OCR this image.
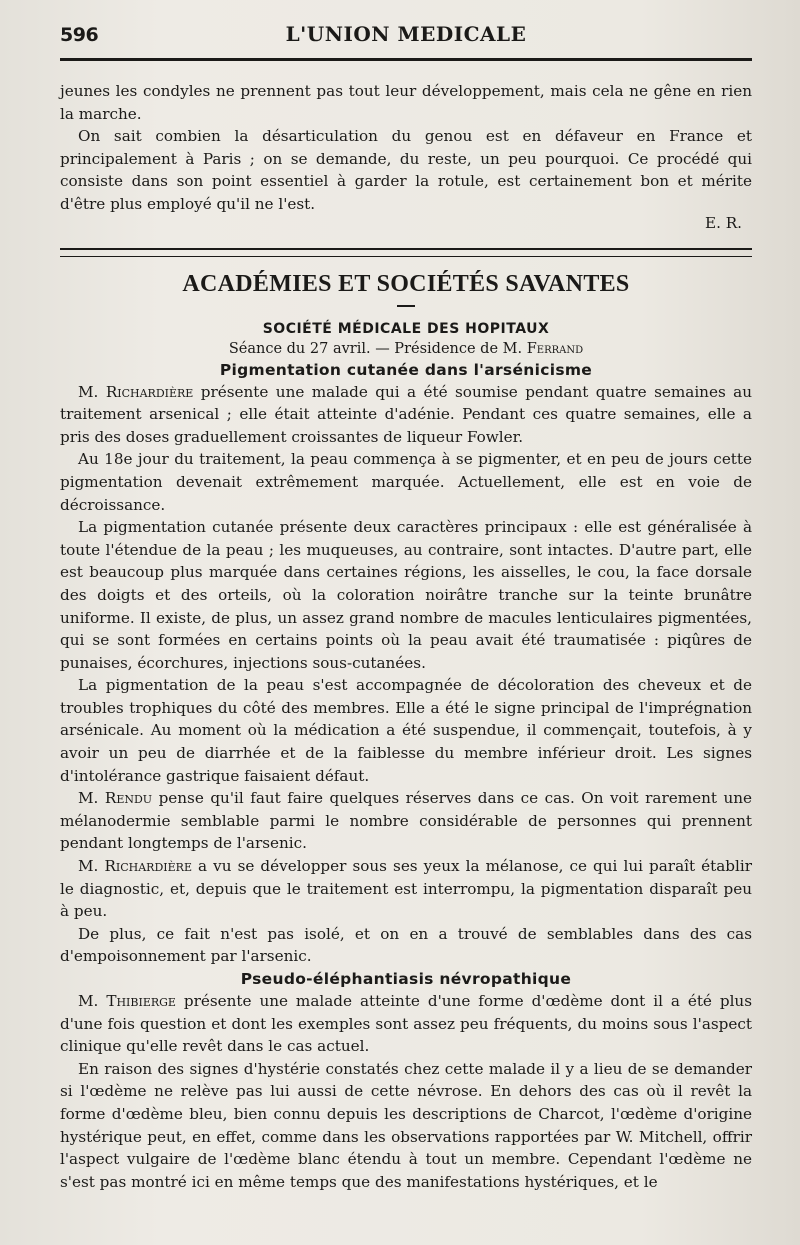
596	L'UNION MEDICALE

jeunes les condyles ne prennent pas tout leur développement, mais cela ne gêne en rien la marche.

On sait combien la désarticulation du genou est en défaveur en France et principalement à Paris ; on se demande, du reste, un peu pourquoi. Ce procédé qui consiste dans son point essentiel à garder la rotule, est certainement bon et mérite d'être plus employé qu'il ne l'est.

E. R.
ACADÉMIES ET SOCIÉTÉS SAVANTES
SOCIÉTÉ MÉDICALE DES HOPITAUX
Séance du 27 avril. — Présidence de M. Ferrand
Pigmentation cutanée dans l'arsénicisme

M. Richardière présente une malade qui a été soumise pendant quatre semaines au traitement arsenical ; elle était atteinte d'adénie. Pendant ces quatre semaines, elle a pris des doses graduellement croissantes de liqueur Fowler.

Au 18e jour du traitement, la peau commença à se pigmenter, et en peu de jours cette pigmentation devenait extrêmement marquée. Actuellement, elle est en voie de décroissance.

La pigmentation cutanée présente deux caractères principaux : elle est généralisée à toute l'étendue de la peau ; les muqueuses, au contraire, sont intactes. D'autre part, elle est beaucoup plus marquée dans certaines régions, les aisselles, le cou, la face dorsale des doigts et des orteils, où la coloration noirâtre tranche sur la teinte brunâtre uniforme. Il existe, de plus, un assez grand nombre de macules lenticulaires pigmentées, qui se sont formées en certains points où la peau avait été traumatisée : piqûres de punaises, écorchures, injections sous-cutanées.

La pigmentation de la peau s'est accompagnée de décoloration des cheveux et de troubles trophiques du côté des membres. Elle a été le signe principal de l'imprégnation arsénicale. Au moment où la médication a été suspendue, il commençait, toutefois, à y avoir un peu de diarrhée et de la faiblesse du membre inférieur droit. Les signes d'intolérance gastrique faisaient défaut.

M. Rendu pense qu'il faut faire quelques réserves dans ce cas. On voit rarement une mélanodermie semblable parmi le nombre considérable de personnes qui prennent pendant longtemps de l'arsenic.

M. Richardière a vu se développer sous ses yeux la mélanose, ce qui lui paraît établir le diagnostic, et, depuis que le traitement est interrompu, la pigmentation disparaît peu à peu.

De plus, ce fait n'est pas isolé, et on en a trouvé de semblables dans des cas d'empoisonnement par l'arsenic.

Pseudo-éléphantiasis névropathique

M. Thibierge présente une malade atteinte d'une forme d'œdème dont il a été plus d'une fois question et dont les exemples sont assez peu fréquents, du moins sous l'aspect clinique qu'elle revêt dans le cas actuel.

En raison des signes d'hystérie constatés chez cette malade il y a lieu de se demander si l'œdème ne relève pas lui aussi de cette névrose. En dehors des cas où il revêt la forme d'œdème bleu, bien connu depuis les descriptions de Charcot, l'œdème d'origine hystérique peut, en effet, comme dans les observations rapportées par W. Mitchell, offrir l'aspect vulgaire de l'œdème blanc étendu à tout un membre. Cependant l'œdème ne s'est pas montré ici en même temps que des manifestations hystériques, et le
